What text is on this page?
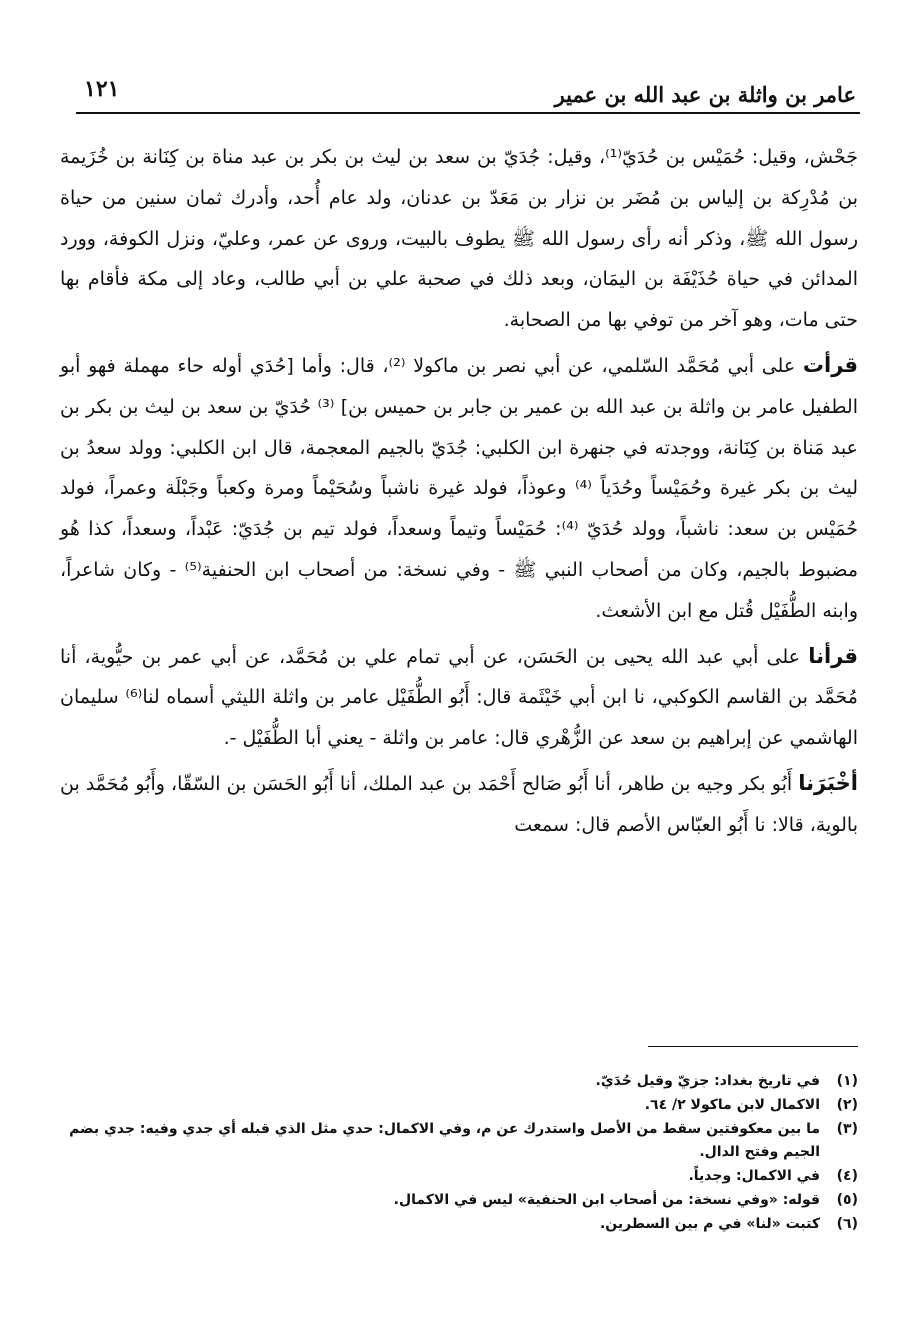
عامر بن واثلة بن عبد الله بن عمير
١٢١

جَحْش، وقيل: حُمَيْس بن حُدَيّ⁽¹⁾، وقيل: جُدَيّ بن سعد بن ليث بن بكر بن عبد مناة بن كِنَانة بن خُزَيمة بن مُدْرِكة بن إلياس بن مُضَر بن نزار بن مَعَدّ بن عدنان، ولد عام أُحد، وأدرك ثمان سنين من حياة رسول الله ﷺ، وذكر أنه رأى رسول الله ﷺ يطوف بالبيت، وروى عن عمر، وعليّ، ونزل الكوفة، وورد المدائن في حياة حُذَيْفَة بن اليمَان، وبعد ذلك في صحبة علي بن أبي طالب، وعاد إلى مكة فأقام بها حتى مات، وهو آخر من توفي بها من الصحابة.

قرأت على أبي مُحَمَّد السّلمي، عن أبي نصر بن ماكولا ⁽²⁾، قال: وأما [حُدَي أوله حاء مهملة فهو أبو الطفيل عامر بن واثلة بن عبد الله بن عمير بن جابر بن حميس بن] ⁽³⁾ حُدَيّ بن سعد بن ليث بن بكر بن عبد مَناة بن كِنَانة، ووجدته في جنهرة ابن الكلبي: جُدَيّ بالجيم المعجمة، قال ابن الكلبي: وولد سعدُ بن ليث بن بكر غيرة وحُمَيْساً وحُدَياً ⁽⁴⁾ وعوذاً، فولد غيرة ناشباً وسُحَيْماً ومرة وكعباً وجَبْلَة وعمراً، فولد حُمَيْس بن سعد: ناشباً، وولد حُدَيّ ⁽⁴⁾: حُمَيْساً وتيماً وسعداً، فولد تيم بن جُدَيّ: عَبْداً، وسعداً، كذا هُو مضبوط بالجيم، وكان من أصحاب النبي ﷺ - وفي نسخة: من أصحاب ابن الحنفية⁽⁵⁾ - وكان شاعراً، وابنه الطُّفَيْل قُتل مع ابن الأشعث.

قرأنا على أبي عبد الله يحيى بن الحَسَن، عن أبي تمام علي بن مُحَمَّد، عن أبي عمر بن حيُّوية، أنا مُحَمَّد بن القاسم الكوكبي، نا ابن أبي خَيْثَمة قال: أَبُو الطُّفَيْل عامر بن واثلة الليثي أسماه لنا⁽⁶⁾ سليمان الهاشمي عن إبراهيم بن سعد عن الزُّهْري قال: عامر بن واثلة - يعني أبا الطُّفَيْل -.

أخْبَرَنا أَبُو بكر وجيه بن طاهر، أنا أَبُو صَالح أَحْمَد بن عبد الملك، أنا أَبُو الحَسَن بن السّقّا، وأَبُو مُحَمَّد بن بالوية، قالا: نا أَبُو العبّاس الأصم قال: سمعت

(١)
في تاريخ بغداد: جزيّ وقيل حُدَيّ.
(٢)
الاكمال لابن ماكولا ٢/ ٦٤.
(٣)
ما بين معكوفتين سقط من الأصل واستدرك عن م، وفي الاكمال: حدي مثل الذي قبله أي جدي وفيه: جدي بضم الجيم وفتح الدال.
(٤)
في الاكمال: وجدياً.
(٥)
قوله: «وفي نسخة: من أصحاب ابن الحنفية» ليس في الاكمال.
(٦)
كتبت «لنا» في م بين السطرين.
